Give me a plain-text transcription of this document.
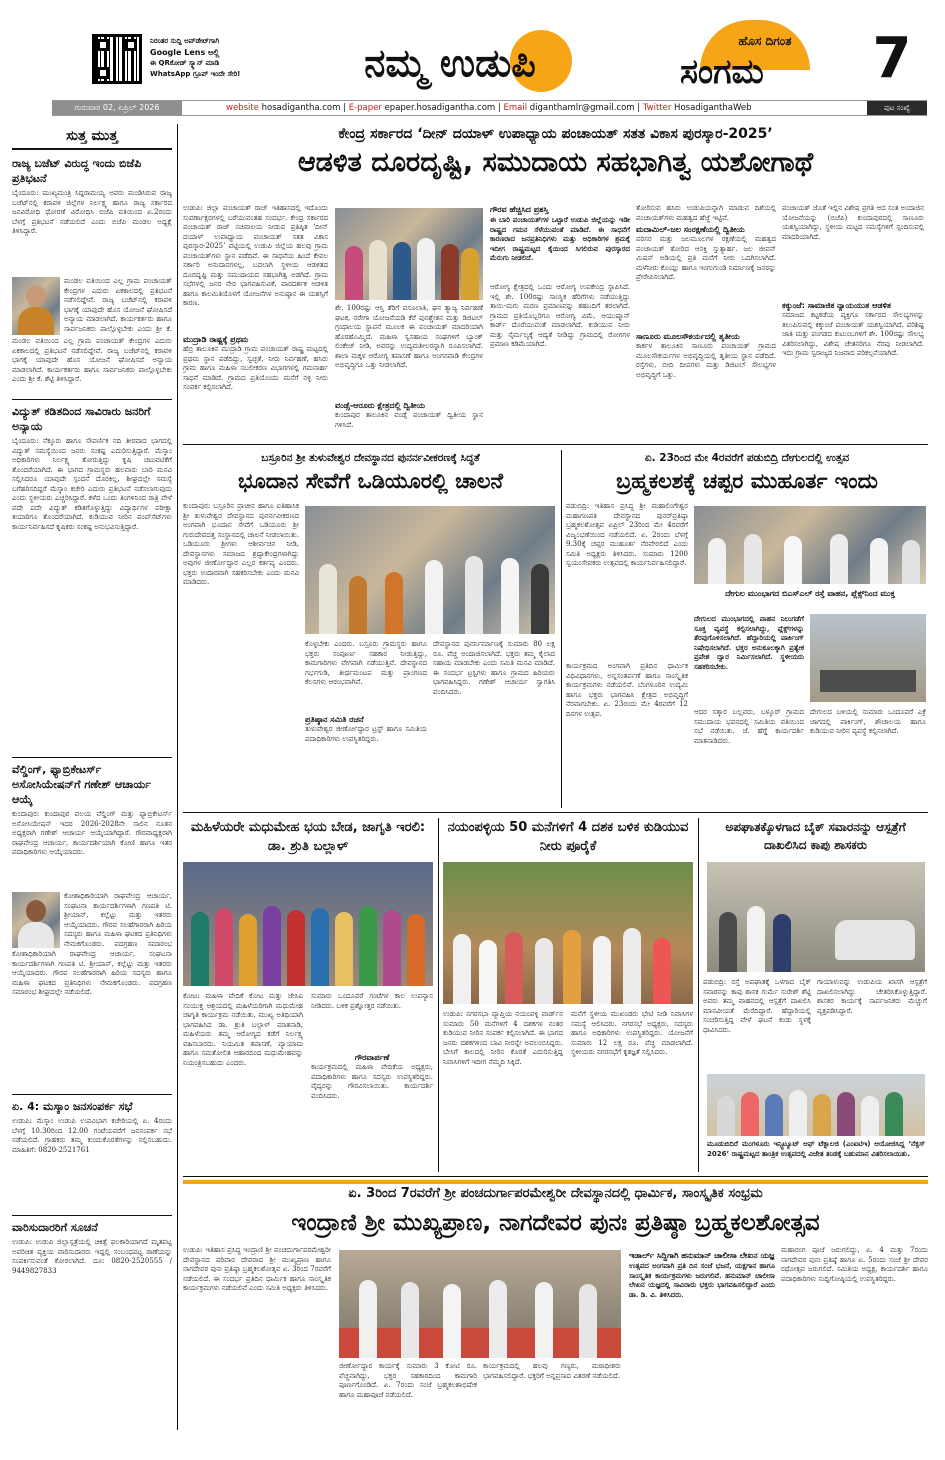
ನಿರಂತರ ಸುದ್ದಿ ಅಪ್‌ಡೇಟ್‌ಗಾಗಿ
Google Lens ಅಲ್ಲಿ
ಈ QRಕೋಡ್ ಸ್ಕ್ಯಾನ್ ಮಾಡಿ
WhatsApp ಗ್ರೂಪ್ ಇಂದೇ ಸೇರಿ!	ನಮ್ಮ ಉಡುಪಿ	ಹೊಸ ದಿಗಂತ
ಸಂಗಮ	7
ಗುರುವಾರ 02, ಏಪ್ರಿಲ್ 2026	website hosadigantha.com | E-paper epaper.hosadigantha.com | Email diganthamlr@gmail.com | Twitter HosadiganthaWeb	ಪುಟ ಸಂಖ್ಯೆ
ಸುತ್ತ ಮುತ್ತ
ರಾಜ್ಯ ಬಜೆಟ್ ವಿರುದ್ಧ ಇಂದು ಬಿಜೆಪಿ ಪ್ರತಿಭಟನೆ
ಬೈಂದೂರು: ಮುಖ್ಯಮಂತ್ರಿ ಸಿದ್ದರಾಮಯ್ಯ ಅವರು ಮಂಡಿಸಿರುವ ರಾಜ್ಯ ಬಜೆಟ್‌ನಲ್ಲಿ ಕರಾವಳಿ ಜಿಲ್ಲೆಗಳ ನಿರ್ಲಕ್ಷ್ಯ ಹಾಗೂ ರಾಜ್ಯ ಸರ್ಕಾರದ ಜನವಿರೋಧಿ ಧೋರಣೆ ವಿರೋಧಿಸಿ ಬಿಜೆಪಿ ವತಿಯಿಂದ ಏ.2ರಂದು ಬೆಳಗ್ಗೆ ಪ್ರತಿಭಟನೆ ನಡೆಯಲಿದೆ ಎಂದು ಬಿಜೆಪಿ ಮಂಡಲ ಅಧ್ಯಕ್ಷೆ ತಿಳಿಸಿದ್ದಾರೆ.
ಮಂಡಲ ವತಿಯಿಂದ ಎಲ್ಲ ಗ್ರಾಮ ಪಂಚಾಯತ್ ಕೇಂದ್ರಗಳ ಎದುರು ಏಕಕಾಲದಲ್ಲಿ ಪ್ರತಿಭಟನೆ ನಡೆಸಲಿದ್ದೇವೆ. ರಾಜ್ಯ ಬಜೆಟ್‌ನಲ್ಲಿ ಕರಾವಳಿ ಭಾಗಕ್ಕೆ ಯಾವುದೇ ಹೊಸ ಯೋಜನೆ ಘೋಷಿಸದೆ ಅನ್ಯಾಯ ಮಾಡಲಾಗಿದೆ. ಕಾರ್ಯಕರ್ತರು ಹಾಗೂ ಸಾರ್ವಜನಿಕರು ಪಾಲ್ಗೊಳ್ಳಬೇಕು ಎಂದು ಶ್ರೀ ಕೆ.
ಮಂಡಲ ವತಿಯಿಂದ ಎಲ್ಲ ಗ್ರಾಮ ಪಂಚಾಯತ್ ಕೇಂದ್ರಗಳ ಎದುರು ಏಕಕಾಲದಲ್ಲಿ ಪ್ರತಿಭಟನೆ ನಡೆಸಲಿದ್ದೇವೆ. ರಾಜ್ಯ ಬಜೆಟ್‌ನಲ್ಲಿ ಕರಾವಳಿ ಭಾಗಕ್ಕೆ ಯಾವುದೇ ಹೊಸ ಯೋಜನೆ ಘೋಷಿಸದೆ ಅನ್ಯಾಯ ಮಾಡಲಾಗಿದೆ. ಕಾರ್ಯಕರ್ತರು ಹಾಗೂ ಸಾರ್ವಜನಿಕರು ಪಾಲ್ಗೊಳ್ಳಬೇಕು ಎಂದು ಶ್ರೀ ಕೆ. ಶೆಟ್ಟಿ ತಿಳಿಸಿದ್ದಾರೆ.
ವಿದ್ಯುತ್ ಕಡಿತದಿಂದ ಸಾವಿರಾರು ಜನರಿಗೆ ಅನ್ಯಾಯ
ಬೈಂದೂರು: ನೆಕ್ಕೂರು ಹಾಗೂ ಸೌಪರ್ಣಿಕ ನದಿ ತೀರವಾದ ಭಾಗದಲ್ಲಿ ವಿದ್ಯುತ್ ಸಮಸ್ಯೆಯಿಂದ ಜನರು ಸಂಕಷ್ಟ ಎದುರಿಸುತ್ತಿದ್ದಾರೆ. ಮೆಸ್ಕಾಂ ಅಧಿಕಾರಿಗಳು ನಿರ್ಲಕ್ಷ್ಯ ತೋರುತ್ತಿದ್ದು ಕೃಷಿ ಚಟುವಟಿಕೆಗೆ ತೊಂದರೆಯಾಗಿದೆ. ಈ ಭಾಗದ ಗ್ರಾಮಸ್ಥರು ಹಲವಾರು ಬಾರಿ ಮನವಿ ಸಲ್ಲಿಸಿದರೂ ಯಾವುದೇ ಸ್ಪಂದನೆ ದೊರಕಿಲ್ಲ. ಶೀಘ್ರದಲ್ಲೇ ಸಮಸ್ಯೆ ಬಗೆಹರಿಸದಿದ್ದರೆ ಮೆಸ್ಕಾಂ ಕಚೇರಿ ಎದುರು ಪ್ರತಿಭಟನೆ ನಡೆಸಲಾಗುವುದು ಎಂದು ಸ್ಥಳೀಯರು ಎಚ್ಚರಿಸಿದ್ದಾರೆ. ಕಳೆದ ಒಂದು ತಿಂಗಳಿನಿಂದ ರಾತ್ರಿ ವೇಳೆ ಪದೇ ಪದೇ ವಿದ್ಯುತ್ ಕಡಿತಗೊಳ್ಳುತ್ತಿದ್ದು ವಿದ್ಯಾರ್ಥಿಗಳ ಪರೀಕ್ಷಾ ತಯಾರಿಗೂ ತೊಂದರೆಯಾಗಿದೆ. ಕುಡಿಯುವ ನೀರಿನ ಪಂಪ್‌ಸೆಟ್‌ಗಳು ಕಾರ್ಯನಿರ್ವಹಿಸದೆ ಕೃಷಿಕರು ಸಂಕಷ್ಟ ಅನುಭವಿಸುತ್ತಿದ್ದಾರೆ.
ವೆಲ್ಡಿಂಗ್, ಫ್ಯಾಬ್ರಿಕೇಟರ್ಸ್ ಅಸೋಸಿಯೇಷನ್‌ಗೆ ಗಣೇಶ್ ಆಚಾರ್ಯ ಆಯ್ಕೆ
ಕುಂದಾಪುರ: ಕುಂದಾಪುರ ವಲಯ ವೆಲ್ಡಿಂಗ್ ಮತ್ತು ಫ್ಯಾಬ್ರಿಕೇಟರ್ಸ್ ಅಸೋಸಿಯೇಷನ್ ಇದರ 2026-2028ನೇ ಸಾಲಿನ ನೂತನ ಅಧ್ಯಕ್ಷರಾಗಿ ಗಣೇಶ್ ಆಚಾರ್ಯ ಆಯ್ಕೆಯಾಗಿದ್ದಾರೆ. ಗೌರವಾಧ್ಯಕ್ಷರಾಗಿ ರಾಘವೇಂದ್ರ ಆಚಾರ್ಯ, ಕಾರ್ಯದರ್ಶಿಯಾಗಿ ಕೋಣಿ ಹಾಗೂ ಇತರ ಪದಾಧಿಕಾರಿಗಳು ಆಯ್ಕೆಯಾದರು.
ಕೋಶಾಧಿಕಾರಿಯಾಗಿ ರಾಘವೇಂದ್ರ ಆಚಾರ್ಯ, ಸಂಘಟನಾ ಕಾರ್ಯದರ್ಶಿಗಳಾಗಿ ಗಣಪತಿ ಟಿ. ಶ್ರೀಯಾನ್, ಕಲ್ಲೆಟ್ಟು ಮತ್ತು ಇತರರು ಆಯ್ಕೆಯಾದರು. ಗೌರವ ಸಲಹೆಗಾರರಾಗಿ ಹಿರಿಯ ಸದಸ್ಯರು ಹಾಗೂ ಮಹಿಳಾ ಘಟಕದ ಪ್ರತಿನಿಧಿಗಳು ನೇಮಕಗೊಂಡರು. ಪದಗ್ರಹಣ ಸಮಾರಂಭ
ಕೋಶಾಧಿಕಾರಿಯಾಗಿ ರಾಘವೇಂದ್ರ ಆಚಾರ್ಯ, ಸಂಘಟನಾ ಕಾರ್ಯದರ್ಶಿಗಳಾಗಿ ಗಣಪತಿ ಟಿ. ಶ್ರೀಯಾನ್, ಕಲ್ಲೆಟ್ಟು ಮತ್ತು ಇತರರು ಆಯ್ಕೆಯಾದರು. ಗೌರವ ಸಲಹೆಗಾರರಾಗಿ ಹಿರಿಯ ಸದಸ್ಯರು ಹಾಗೂ ಮಹಿಳಾ ಘಟಕದ ಪ್ರತಿನಿಧಿಗಳು ನೇಮಕಗೊಂಡರು. ಪದಗ್ರಹಣ ಸಮಾರಂಭ ಶೀಘ್ರದಲ್ಲೇ ನಡೆಯಲಿದೆ.
ಏ. 4: ಮಸ್ಕಾಂ ಜನಸಂಪರ್ಕ ಸಭೆ
ಉಡುಪಿ: ಮೆಸ್ಕಾಂ ಉಡುಪಿ ಉಪವಿಭಾಗ ಕಚೇರಿಯಲ್ಲಿ ಏ. 4ರಂದು ಬೆಳಗ್ಗೆ 10.30ರಿಂದ 12.00 ಗಂಟೆಯವರೆಗೆ ಜನಸಂಪರ್ಕ ಸಭೆ ನಡೆಯಲಿದೆ. ಗ್ರಾಹಕರು ತಮ್ಮ ಕುಂದುಕೊರತೆಗಳನ್ನು ಸಲ್ಲಿಸಬಹುದು. ಮಾಹಿತಿಗೆ: 0820-2521761
ವಾರಿಸುದಾರರಿಗೆ ಸೂಚನೆ
ಉಡುಪಿ: ಉಡುಪಿ ಜಿಲ್ಲಾಸ್ಪತ್ರೆಯಲ್ಲಿ ಚಿಕಿತ್ಸೆ ಫಲಕಾರಿಯಾಗದೆ ಮೃತಪಟ್ಟ ಅಪರಿಚಿತ ವ್ಯಕ್ತಿಯ ವಾರಿಸುದಾರರು ಇದ್ದಲ್ಲಿ ಸಂಬಂಧಪಟ್ಟ ಠಾಣೆಯನ್ನು ಸಂಪರ್ಕಿಸುವಂತೆ ಕೋರಲಾಗಿದೆ. ದೂ: 0820-2520555 / 9449827833
ಕೇಂದ್ರ ಸರ್ಕಾರದ ‘ದೀನ್ ದಯಾಳ್ ಉಪಾಧ್ಯಾಯ ಪಂಚಾಯತ್ ಸತತ ವಿಕಾಸ ಪುರಸ್ಕಾರ-2025’
ಆಡಳಿತ ದೂರದೃಷ್ಟಿ, ಸಮುದಾಯ ಸಹಭಾಗಿತ್ವ ಯಶೋಗಾಥೆ
ಉಡುಪಿ: ಜಿಲ್ಲಾ ಪಂಚಾಯತ್ ರಾಜ್ ಇತಿಹಾಸದಲ್ಲಿ ಇದೊಂದು ಸುವರ್ಣಾಕ್ಷರಗಳಲ್ಲಿ ಬರೆಯುವಂತಹ ಸಂದರ್ಭ. ಕೇಂದ್ರ ಸರ್ಕಾರದ ಪಂಚಾಯತ್ ರಾಜ್ ಸಚಿವಾಲಯ ನೀಡುವ ಪ್ರತಿಷ್ಠಿತ ‘ದೀನ್ ದಯಾಳ್ ಉಪಾಧ್ಯಾಯ ಪಂಚಾಯತ್ ಸತತ ವಿಕಾಸ ಪುರಸ್ಕಾರ-2025’ ಪಟ್ಟಿಯಲ್ಲಿ ಉಡುಪಿ ಜಿಲ್ಲೆಯ ಹಲವು ಗ್ರಾಮ ಪಂಚಾಯತ್‌ಗಳು ಸ್ಥಾನ ಪಡೆದಿವೆ. ಈ ಸಾಧನೆಯ ಹಿಂದೆ ಕೇವಲ ಸರ್ಕಾರಿ ಅನುದಾನಗಳಲ್ಲ, ಬದಲಾಗಿ ಸ್ಥಳೀಯ ಆಡಳಿತದ ದೂರದೃಷ್ಟಿ ಮತ್ತು ಸಮುದಾಯದ ಸಹಭಾಗಿತ್ವ ಅಡಗಿದೆ. ಗ್ರಾಮ ಸಭೆಗಳಲ್ಲಿ ಜನರ ನೇರ ಭಾಗವಹಿಸುವಿಕೆ, ಪಾರದರ್ಶಕ ಆಡಳಿತ ಹಾಗೂ ಕಾಲಮಿತಿಯೊಳಗೆ ಯೋಜನೆಗಳ ಅನುಷ್ಠಾನ ಈ ಯಶಸ್ಸಿಗೆ ಕಾರಣ.
ಮುದ್ರಾಡಿ ರಾಷ್ಟ್ರಕ್ಕೆ ಪ್ರಥಮ
ಹೆಬ್ರಿ ತಾಲೂಕಿನ ಮುದ್ರಾಡಿ ಗ್ರಾಮ ಪಂಚಾಯತ್ ರಾಷ್ಟ್ರ ಮಟ್ಟದಲ್ಲಿ ಪ್ರಥಮ ಸ್ಥಾನ ಪಡೆದಿದ್ದು, ಸ್ವಚ್ಛತೆ, ನೀರು ನಿರ್ವಹಣೆ, ಹಸಿರು ಗ್ರಾಮ ಹಾಗೂ ಮಹಿಳಾ ಸಬಲೀಕರಣ ವಿಭಾಗಗಳಲ್ಲಿ ಗಮನಾರ್ಹ ಸಾಧನೆ ಮಾಡಿದೆ. ಗ್ರಾಮದ ಪ್ರತಿಯೊಂದು ಮನೆಗೆ ನಳ್ಳಿ ನೀರು ಸಂಪರ್ಕ ಕಲ್ಪಿಸಲಾಗಿದೆ.
ಶೇ. 100ರಷ್ಟು ಆಸ್ತಿ ತೆರಿಗೆ ವಸೂಲಾತಿ, ಘನ ತ್ಯಾಜ್ಯ ನಿರ್ವಹಣೆ ಘಟಕ, ನರೇಗಾ ಯೋಜನೆಯಡಿ ಕೆರೆ ಪುನಶ್ಚೇತನ ಮತ್ತು ಡಿಜಿಟಲ್ ಗ್ರಂಥಾಲಯ ಸ್ಥಾಪನೆ ಮೂಲಕ ಈ ಪಂಚಾಯತ್ ಮಾದರಿಯಾಗಿ ಹೊರಹೊಮ್ಮಿದೆ. ಮಹಿಳಾ ಸ್ವಸಹಾಯ ಸಂಘಗಳಿಗೆ ಬ್ಯಾಂಕ್ ಲಿಂಕೇಜ್ ನೀಡಿ, ಅವರನ್ನು ಉದ್ಯಮಶೀಲರನ್ನಾಗಿ ರೂಪಿಸಲಾಗಿದೆ. ಶಾಲಾ ಮಕ್ಕಳ ಆರೋಗ್ಯ ತಪಾಸಣೆ ಹಾಗೂ ಅಂಗನವಾಡಿ ಕೇಂದ್ರಗಳ ಅಭಿವೃದ್ಧಿಗೂ ಒತ್ತು ನೀಡಲಾಗಿದೆ.
ವಂಡ್ಸೆ-ಆರೂರು ಕ್ಷೇತ್ರದಲ್ಲಿ ದ್ವಿತೀಯ
ಕುಂದಾಪುರ ತಾಲೂಕಿನ ವಂಡ್ಸೆ ಪಂಚಾಯತ್ ದ್ವಿತೀಯ ಸ್ಥಾನ ಗಳಿಸಿದೆ.
ಗೌರವ ಹೆಚ್ಚಿಸಿದ ಪ್ರಶಸ್ತಿ
ಈ ಬಾರಿ ಪಂಚಾಯತ್‌ಗಳ ಒಟ್ಟಾರೆ ಉಡುಪಿ ಜಿಲ್ಲೆಯನ್ನು ಇಡೀ ರಾಷ್ಟ್ರದ ಗಮನ ಸೆಳೆಯುವಂತೆ ಮಾಡಿದೆ. ಈ ಸಾಧನೆಗೆ ಕಾರಣರಾದ ಜನಪ್ರತಿನಿಧಿಗಳು ಮತ್ತು ಅಧಿಕಾರಿಗಳ ಶ್ರಮಕ್ಕೆ ಇದೀಗ ರಾಷ್ಟ್ರಮಟ್ಟದ ಕೈಯಿಂದ ಸಿಗಲಿರುವ ಪುರಸ್ಕಾರದ ಮೆರುಗು ನೀಡಲಿದೆ.
ಆರೋಗ್ಯ ಕ್ಷೇತ್ರದಲ್ಲಿ ಒಂದು ಆರೋಗ್ಯ ಉಪಕೇಂದ್ರ ಸ್ಥಾಪಿಸಿದೆ. ಇಲ್ಲಿ ಶೇ. 100ರಷ್ಟು ಸಾಂಸ್ಥಿಕ ಹೆರಿಗೆಗಳು ನಡೆಯುತ್ತಿದ್ದು ತಾಯಿ-ಮಗು ಮರಣ ಪ್ರಮಾಣವನ್ನು ತಹಬದಿಗೆ ತರಲಾಗಿದೆ. ಗ್ರಾಮದ ಪ್ರತಿಯೊಬ್ಬರಿಗೂ ಆರೋಗ್ಯ ವಿಮೆ, ಆಯುಷ್ಮಾನ್ ಕಾರ್ಡ್ ದೊರೆಯುವಂತೆ ಮಾಡಲಾಗಿದೆ. ಕುಡಿಯುವ ನೀರು ಮತ್ತು ನೈರ್ಮಲ್ಯಕ್ಕೆ ಆದ್ಯತೆ ನೀಡಿದ್ದು ಗ್ರಾಮದಲ್ಲಿ ರೋಗಗಳ ಪ್ರಮಾಣ ಕಡಿಮೆಯಾಗಿದೆ.
ತೋರಿಸುವ ಹಸಿರು ಉಡುಪಿಯನ್ನಾಗಿ ಮಾಡುವ ದಿಶೆಯಲ್ಲಿ ಪಂಚಾಯತ್‌ಗಳು ಮಹತ್ವದ ಹೆಜ್ಜೆ ಇಟ್ಟಿವೆ.
ಮದಾಮಿಲ್-ಜಲ ಸಂರಕ್ಷಣೆಯಲ್ಲಿ ದ್ವಿತೀಯ
ಪರಿಸರ ಮತ್ತು ಜಲಮೂಲಗಳ ರಕ್ಷಣೆಯಲ್ಲಿ ಮಹತ್ವದ ಪಂಚಾಯತ್ ತೋರಿದ ಆಸಕ್ತಿ ಸ್ತುತ್ಯಾರ್ಹ. ಜಲ ಜೀವನ್ ಮಿಷನ್ ಅಡಿಯಲ್ಲಿ ಪ್ರತಿ ಮನೆಗೆ ನೀರು ಒದಗಿಸಲಾಗಿದೆ. ಮಳೆನೀರು ಕೊಯ್ಲು ಹಾಗೂ ಇಂಗುಗುಂಡಿ ನಿರ್ಮಾಣಕ್ಕೆ ಜನರನ್ನು ಪ್ರೇರೇಪಿಸಲಾಗಿದೆ.
ಸಾಣೂರು ಮೂಲಸೌಕರ್ಯದಲ್ಲಿ ತೃತೀಯ
ಕಾರ್ಕಳ ತಾಲೂಕಿನ ಸಾಣೂರು ಪಂಚಾಯತ್ ಗ್ರಾಮದ ಮೂಲಸೌಕರ್ಯಗಳ ಅಭಿವೃದ್ಧಿಯಲ್ಲಿ ತೃತೀಯ ಸ್ಥಾನ ಪಡೆದಿದೆ. ರಸ್ತೆಗಳು, ಬೀದಿ ದೀಪಗಳು ಮತ್ತು ಡಿಜಿಟಲ್ ಸೌಲಭ್ಯಗಳ ಅಭಿವೃದ್ಧಿಗೆ ಒತ್ತು.
ಪಂಚಾಯತ್ ಜೊತೆ ಇಲ್ಲಿನ ವಿಶೇಷ ಪ್ರಗತಿ ಆದ ಸಂತ ಅಂದಾಜಿನ ಯೋಜನೆಯನ್ನು (ಬಿಜೆಪಿ) ಕುಂದಾಪುರದಲ್ಲಿ ಸಾಣೂರು ಯಶಸ್ವಿಯಾಗಿದ್ದು, ಸ್ಥಳೀಯ ಮಟ್ಟದ ಸಮಸ್ಯೆಗಳಿಗೆ ಸ್ಪಂದಿಸುವಲ್ಲಿ ಮಾದರಿಯಾಗಿದೆ.
ಕಕ್ಕುಂಜೆ: ಸಾಮಾಜಿಕ ನ್ಯಾಯಯುತ ಆಡಳಿತ
ಸಮಾಜದ ಕಟ್ಟಕಡೆಯ ವ್ಯಕ್ತಿಗೂ ಸರ್ಕಾರದ ಸೌಲಭ್ಯಗಳನ್ನು ತಲುಪಿಸುವಲ್ಲಿ ಕಕ್ಕುಂಜೆ ಪಂಚಾಯತ್ ಯಶಸ್ವಿಯಾಗಿದೆ. ಪರಿಶಿಷ್ಟ ಜಾತಿ ಮತ್ತು ಪಂಗಡದ ಕುಟುಂಬಗಳಿಗೆ ಶೇ. 100ರಷ್ಟು ಸೌಲಭ್ಯ ವಿತರಿಸಲಾಗಿದ್ದು, ವಿಶೇಷ ಚೇತನರಿಗೂ ನೆರವು ನೀಡಲಾಗಿದೆ. ಇದು ಗ್ರಾಮ ಸ್ವರಾಜ್ಯದ ನಿಜವಾದ ಪರಿಕಲ್ಪನೆಯಾಗಿದೆ.
ಬಸ್ರೂರಿನ ಶ್ರೀ ತುಳುವೇಶ್ವರ ದೇವಸ್ಥಾನದ ಪುನರ್ನವೀಕರಣಕ್ಕೆ ಸಿದ್ಧತೆ
ಭೂದಾನ ಸೇವೆಗೆ ಒಡಿಯೂರಲ್ಲಿ ಚಾಲನೆ
ಕುಂದಾಪುರ: ಬಸ್ರೂರಿನ ಪ್ರಾಚೀನ ಹಾಗೂ ಐತಿಹಾಸಿಕ ಶ್ರೀ ತುಳುವೇಶ್ವರ ದೇವಸ್ಥಾನದ ಪುನರ್ನವೀಕರಣದ ಅಂಗವಾಗಿ ಭೂದಾನ ಸೇವೆಗೆ ಒಡಿಯೂರು ಶ್ರೀ ಗುರುದೇವದತ್ತ ಸಂಸ್ಥಾನದಲ್ಲಿ ಚಾಲನೆ ನೀಡಲಾಯಿತು. ಒಡಿಯೂರು ಶ್ರೀಗಳು ಆಶೀರ್ವಚನ ನೀಡಿ, ದೇವಸ್ಥಾನಗಳು ಸಮಾಜದ ಶ್ರದ್ಧಾಕೇಂದ್ರಗಳಾಗಿದ್ದು ಅವುಗಳ ಜೀರ್ಣೋದ್ಧಾರ ಎಲ್ಲರ ಕರ್ತವ್ಯ ಎಂದರು. ಭಕ್ತರು ಉದಾರವಾಗಿ ಸಹಕರಿಸಬೇಕು ಎಂದು ಮನವಿ ಮಾಡಿದರು.
ಕೊಳ್ಳಬೇಕು ಎಂದರು. ಬಸ್ರೂರು ಗ್ರಾಮಸ್ಥರು ಹಾಗೂ ಭಕ್ತರು ಸಂಪೂರ್ಣ ಸಹಕಾರ ನೀಡುತ್ತಿದ್ದು, ಕಾಮಗಾರಿಗಳು ವೇಗವಾಗಿ ನಡೆಯುತ್ತಿವೆ. ದೇವಸ್ಥಾನದ ಗರ್ಭಗುಡಿ, ತೀರ್ಥಮಂಟಪ ಮತ್ತು ಪ್ರಾಂಗಣದ ಕೆಲಸಗಳು ಆರಂಭವಾಗಿವೆ.
ಪ್ರತಿಷ್ಠಾನ ಸಮಿತಿ ರಚನೆ
ತುಳುವೇಶ್ವರ ಜೀರ್ಣೋದ್ಧಾರ ಟ್ರಸ್ಟ್ ಹಾಗೂ ಸಮಿತಿಯ ಪದಾಧಿಕಾರಿಗಳು ಉಪಸ್ಥಿತರಿದ್ದರು.
ದೇವಸ್ಥಾನದ ಪುನರ್ನಿರ್ಮಾಣಕ್ಕೆ ಸುಮಾರು 80 ಲಕ್ಷ ರೂ. ವೆಚ್ಚ ಅಂದಾಜಿಸಲಾಗಿದೆ. ಭಕ್ತರು ತಮ್ಮ ಕೈಲಾದ ಸಹಾಯ ಮಾಡಬೇಕು ಎಂದು ಸಮಿತಿ ಮನವಿ ಮಾಡಿದೆ. ಈ ಸಂದರ್ಭ ಟ್ರಸ್ಟಿಗಳು ಹಾಗೂ ಗ್ರಾಮದ ಹಿರಿಯರು ಭಾಗವಹಿಸಿದ್ದರು. ಗಣೇಶ್ ಆಚಾರ್ಯ ಸ್ವಾಗತಿಸಿ ವಂದಿಸಿದರು.
ಏ. 23ರಿಂದ ಮೇ 4ರವರೆಗೆ ಪಡುಬಿದ್ರಿ ದೇಗುಲದಲ್ಲಿ ಉತ್ಸವ
ಬ್ರಹ್ಮಕಲಶಕ್ಕೆ ಚಪ್ಪರ ಮುಹೂರ್ತ ಇಂದು
ಪಡುಬಿದ್ರಿ: ಇತಿಹಾಸ ಪ್ರಸಿದ್ಧ ಶ್ರೀ ಮಹಾಲಿಂಗೇಶ್ವರ ಮಹಾಗಣಪತಿ ದೇವಸ್ಥಾನದ ಪುನರ್‌ಪ್ರತಿಷ್ಠಾ ಬ್ರಹ್ಮಕಲಶೋತ್ಸವ ಏಪ್ರಿಲ್ 23ರಿಂದ ಮೇ 4ರವರೆಗೆ ವಿಜೃಂಭಣೆಯಿಂದ ನಡೆಯಲಿದೆ. ಏ. 2ರಂದು ಬೆಳಗ್ಗೆ 9.30ಕ್ಕೆ ಚಪ್ಪರ ಮುಹೂರ್ತ ನೆರವೇರಲಿದೆ ಎಂದು ಸಮಿತಿ ಅಧ್ಯಕ್ಷರು ತಿಳಿಸಿದರು. ಸುಮಾರು 1200 ಸ್ವಯಂಸೇವಕರು ಉತ್ಸವದಲ್ಲಿ ಕಾರ್ಯನಿರ್ವಹಿಸಲಿದ್ದಾರೆ.
ಕಾರ್ಯಕ್ರಮದ ಅಂಗವಾಗಿ ಪ್ರತಿದಿನ ಧಾರ್ಮಿಕ ವಿಧಿವಿಧಾನಗಳು, ಅನ್ನಸಂತರ್ಪಣೆ ಹಾಗೂ ಸಾಂಸ್ಕೃತಿಕ ಕಾರ್ಯಕ್ರಮಗಳು ನಡೆಯಲಿವೆ. ಬೆಂಗಳೂರಿನ ಉದ್ಯಮಿ ಹಾಗೂ ಭಕ್ತರು ಭಾಗವಹಿಸಿ ಕ್ಷೇತ್ರದ ಅಭಿವೃದ್ಧಿಗೆ ನೆರವಾಗಬೇಕು. ಏ. 23ರಂದು ಮೇ 4ರವರೆಗೆ 12 ದಿನಗಳ ಉತ್ಸವ.
ದೇಗುಲ ಮುಂಭಾಗದ ಬಿಎಸ್‌ಎಲ್ ರಸ್ತೆ ವಾಹನ, ಪ್ಲೆಕ್ಸ್‌ನಿಂದ ಮುಕ್ತ
ದೇಗುಲದ ಮುಂಭಾಗದಲ್ಲಿ ವಾಹನ ನಿಲುಗಡೆಗೆ ಸೂಕ್ತ ವ್ಯವಸ್ಥೆ ಕಲ್ಪಿಸಲಾಗಿದ್ದು, ಪ್ಲೆಕ್ಸ್‌ಗಳನ್ನು ತೆರವುಗೊಳಿಸಲಾಗಿದೆ. ಹೆದ್ದಾರಿಯಲ್ಲಿ ಪಾರ್ಕಿಂಗ್ ನಿಷೇಧಿಸಲಾಗಿದೆ. ಭಕ್ತರ ಅನುಕೂಲಕ್ಕಾಗಿ ಪ್ರತ್ಯೇಕ ಪ್ರವೇಶ ದ್ವಾರ ನಿರ್ಮಿಸಲಾಗಿದೆ. ಸ್ಥಳೀಯರು ಸಹಕರಿಸಬೇಕು.
ಆದರ ಸತ್ಕಾರ ಬಲ್ಲವರು, ಬಳ್ಕೂರ್ ಗ್ರಾಮದ ಸಮುದಾಯ ಭವನದಲ್ಲಿ ಸಮಿತಿಯ ವತಿಯಿಂದ ಸಭೆ ನಡೆಯಿತು. ಜೆ. ಹೆಗ್ಡೆ ಕಾರ್ಯದರ್ಶಿ ಮಾತನಾಡಿದರು.
ದೇಗುಲದ ಬಳಿಯಲ್ಲಿ ಸುಮಾರು ಒಂದೂವರೆ ಎಕ್ರೆ ಜಾಗದಲ್ಲಿ ಪಾರ್ಕಿಂಗ್, ಶೌಚಾಲಯ ಹಾಗೂ ಕುಡಿಯುವ ನೀರಿನ ವ್ಯವಸ್ಥೆ ಕಲ್ಪಿಸಲಾಗಿದೆ.
ಮಹಿಳೆಯರೇ ಮಧುಮೇಹ ಭಯ ಬೇಡ, ಜಾಗೃತಿ ಇರಲಿ: ಡಾ. ಶ್ರುತಿ ಬಲ್ಲಾಳ್
ಕೋಟ: ಮಹಿಳಾ ವೇದಿಕೆ ಕೋಟ ಮತ್ತು ಜೇಸಿಐ ಸಂಯುಕ್ತ ಆಶ್ರಯದಲ್ಲಿ ಮಹಿಳೆಯರಿಗಾಗಿ ಮಧುಮೇಹ ಜಾಗೃತಿ ಕಾರ್ಯಕ್ರಮ ನಡೆಯಿತು. ಮುಖ್ಯ ಅತಿಥಿಯಾಗಿ ಭಾಗವಹಿಸಿದ ಡಾ. ಶ್ರುತಿ ಬಲ್ಲಾಳ್ ಮಾತನಾಡಿ, ಮಹಿಳೆಯರು ತಮ್ಮ ಆರೋಗ್ಯದ ಕಡೆಗೆ ನಿರ್ಲಕ್ಷ್ಯ ವಹಿಸಬಾರದು. ನಿಯಮಿತ ತಪಾಸಣೆ, ವ್ಯಾಯಾಮ ಹಾಗೂ ಸಮತೋಲಿತ ಆಹಾರದಿಂದ ಮಧುಮೇಹವನ್ನು ನಿಯಂತ್ರಿಸಬಹುದು ಎಂದರು.
ಸುಮಾರು ಒಂದೂವರೆ ಗಂಟೆಗಳ ಕಾಲ ಉಪನ್ಯಾಸ ನೀಡಿದರು. ಬಳಿಕ ಪ್ರಶ್ನೋತ್ತರ ನಡೆಯಿತು.
ಗೌರವಾರ್ಪಣೆ
ಕಾರ್ಯಕ್ರಮದಲ್ಲಿ ಮಹಿಳಾ ವೇದಿಕೆಯ ಅಧ್ಯಕ್ಷರು, ಪದಾಧಿಕಾರಿಗಳು ಹಾಗೂ ಸದಸ್ಯರು ಉಪಸ್ಥಿತರಿದ್ದರು. ವೈದ್ಯರನ್ನು ಗೌರವಿಸಲಾಯಿತು. ಕಾರ್ಯದರ್ಶಿ ವಂದಿಸಿದರು.
ನಯಂಪಳ್ಳಿಯ 50 ಮನೆಗಳಿಗೆ 4 ದಶಕ ಬಳಿಕ ಕುಡಿಯುವ ನೀರು ಪೂರೈಕೆ
ಉಡುಪಿ: ನಗರಸಭಾ ವ್ಯಾಪ್ತಿಯ ನಯಂಪಳ್ಳಿ ವಾರ್ಡ್‌ನ ಸುಮಾರು 50 ಮನೆಗಳಿಗೆ 4 ದಶಕಗಳ ನಂತರ ಕುಡಿಯುವ ನೀರಿನ ಸಂಪರ್ಕ ಕಲ್ಪಿಸಲಾಗಿದೆ. ಈ ಭಾಗದ ಜನರು ದಶಕಗಳಿಂದ ಬಾವಿ ನೀರನ್ನೇ ಅವಲಂಬಿಸಿದ್ದರು. ಬೇಸಿಗೆ ಕಾಲದಲ್ಲಿ ನೀರಿನ ಕೊರತೆ ಎದುರಿಸುತ್ತಿದ್ದ ನಿವಾಸಿಗಳಿಗೆ ಇದೀಗ ನೆಮ್ಮದಿ ಸಿಕ್ಕಿದೆ.
ಮನೆಗೆ ಸ್ಥಳೀಯ ಮುಖಂಡರು ಭೇಟಿ ನೀಡಿ ನಿವಾಸಿಗಳ ಸಮಸ್ಯೆ ಆಲಿಸಿದರು. ನಗರಸಭೆ ಅಧ್ಯಕ್ಷರು, ಸದಸ್ಯರು ಹಾಗೂ ಅಧಿಕಾರಿಗಳು ಉಪಸ್ಥಿತರಿದ್ದರು. ಯೋಜನೆಗೆ ಸುಮಾರು 12 ಲಕ್ಷ ರೂ. ವೆಚ್ಚ ಮಾಡಲಾಗಿದೆ. ಸ್ಥಳೀಯರು ನಗರಸಭೆಗೆ ಕೃತಜ್ಞತೆ ಸಲ್ಲಿಸಿದರು.
ಅಪಘಾತಕ್ಕೊಳಗಾದ ಬೈಕ್ ಸವಾರನನ್ನು ಆಸ್ಪತ್ರೆಗೆ ದಾಖಲಿಸಿದ ಕಾಪು ಶಾಸಕರು
ಪಡುಬಿದ್ರಿ: ರಸ್ತೆ ಅಪಘಾತಕ್ಕೆ ಒಳಗಾದ ಬೈಕ್ ಸವಾರನನ್ನು ಕಾಪು ಶಾಸಕ ಗುರ್ಮೆ ಸುರೇಶ್ ಶೆಟ್ಟಿ ಅವರು ತಮ್ಮ ವಾಹನದಲ್ಲಿ ಆಸ್ಪತ್ರೆಗೆ ದಾಖಲಿಸಿ ಮಾನವೀಯತೆ ಮೆರೆದಿದ್ದಾರೆ. ಹೆದ್ದಾರಿಯಲ್ಲಿ ಸಂಚರಿಸುತ್ತಿದ್ದ ವೇಳೆ ಘಟನೆ ಕಂಡು ಸ್ಥಳಕ್ಕೆ ಧಾವಿಸಿದರು.
ಗಾಯಾಳುವನ್ನು ಉಡುಪಿಯ ಖಾಸಗಿ ಆಸ್ಪತ್ರೆಗೆ ದಾಖಲಿಸಲಾಗಿದ್ದು ಚೇತರಿಸಿಕೊಳ್ಳುತ್ತಿದ್ದಾರೆ. ಶಾಸಕರ ಕಾರ್ಯಕ್ಕೆ ಸಾರ್ವಜನಿಕರು ಮೆಚ್ಚುಗೆ ವ್ಯಕ್ತಪಡಿಸಿದ್ದಾರೆ.
ಮೂಡುಬಿದಿರೆ ಮಂಗಳೂರು ಇನ್ಸ್ಟಿಟ್ಯೂಟ್ ಆಫ್ ಟೆಕ್ನಾಲಜಿ (ಎಂಐಟಿಇ) ಆಯೋಜಿಸಿದ್ದ ‘ನೆಕ್ಸಸ್ 2026’ ರಾಷ್ಟ್ರಮಟ್ಟದ ತಾಂತ್ರಿಕ ಉತ್ಸವದಲ್ಲಿ ವಿಜೇತ ತಂಡಕ್ಕೆ ಬಹುಮಾನ ವಿತರಿಸಲಾಯಿತು.
ಏ. 3ರಿಂದ 7ರವರೆಗೆ ಶ್ರೀ ಪಂಚದುರ್ಗಾಪರಮೇಶ್ವರೀ ದೇವಸ್ಥಾನದಲ್ಲಿ ಧಾರ್ಮಿಕ, ಸಾಂಸ್ಕೃತಿಕ ಸಂಭ್ರಮ
ಇಂದ್ರಾಣಿ ಶ್ರೀ ಮುಖ್ಯಪ್ರಾಣ, ನಾಗದೇವರ ಪುನಃ ಪ್ರತಿಷ್ಠಾ ಬ್ರಹ್ಮಕಲಶೋತ್ಸವ
ಉಡುಪಿ: ಇತಿಹಾಸ ಪ್ರಸಿದ್ಧ ಇಂದ್ರಾಣಿ ಶ್ರೀ ಪಂಚದುರ್ಗಾಪರಮೇಶ್ವರೀ ದೇವಸ್ಥಾನದ ಪರಿವಾರ ದೇವರಾದ ಶ್ರೀ ಮುಖ್ಯಪ್ರಾಣ ಹಾಗೂ ನಾಗದೇವರ ಪುನಃ ಪ್ರತಿಷ್ಠಾ ಬ್ರಹ್ಮಕಲಶೋತ್ಸವ ಏ. 3ರಿಂದ 7ರವರೆಗೆ ನಡೆಯಲಿದೆ. ಈ ಸಂದರ್ಭ ಪ್ರತಿದಿನ ಧಾರ್ಮಿಕ ಹಾಗೂ ಸಾಂಸ್ಕೃತಿಕ ಕಾರ್ಯಕ್ರಮಗಳು ನಡೆಯಲಿವೆ ಎಂದು ಸಮಿತಿ ಅಧ್ಯಕ್ಷರು ತಿಳಿಸಿದರು.
ಜೀರ್ಣೋದ್ಧಾರ ಕಾರ್ಯಕ್ಕೆ ಸುಮಾರು 3 ಕೋಟಿ ರೂ. ವೆಚ್ಚವಾಗಿದ್ದು, ಭಕ್ತರ ಸಹಕಾರದಿಂದ ಕಾಮಗಾರಿ ಪೂರ್ಣಗೊಂಡಿದೆ. ಏ. 7ರಂದು ಸಂಜೆ ಬ್ರಹ್ಮಕಲಶಾಭಿಷೇಕ ಹಾಗೂ ಮಹಾಪೂಜೆ ನಡೆಯಲಿದೆ.
ಕಾರ್ಯಕ್ರಮದಲ್ಲಿ ಹಲವು ಗಣ್ಯರು, ಮಠಾಧೀಶರು ಭಾಗವಹಿಸಲಿದ್ದಾರೆ. ಭಕ್ತರಿಗೆ ಅನ್ನಪ್ರಸಾದ ವಿತರಣೆ ನಡೆಯಲಿದೆ.
ಇಡಾರ್ಲ್ ಸಿದ್ದಿಗಾಗಿ ಹನುಮಾನ್ ಚಾಲೀಸಾ ಲೇಖನ ಯಜ್ಞ
ಉತ್ಸವದ ಅಂಗವಾಗಿ ಪ್ರತಿ ದಿನ ಸಂಜೆ ಭಜನೆ, ಯಕ್ಷಗಾನ ಹಾಗೂ ಸಾಂಸ್ಕೃತಿಕ ಕಾರ್ಯಕ್ರಮಗಳು ಜರುಗಲಿವೆ. ಹನುಮಾನ್ ಚಾಲೀಸಾ ಲೇಖನ ಯಜ್ಞದಲ್ಲಿ ಸಾವಿರಾರು ಭಕ್ತರು ಭಾಗವಹಿಸಲಿದ್ದಾರೆ ಎಂದು ಡಾ. ಡಿ. ವಿ. ತಿಳಿಸಿದರು.
ಮಹಾರಂಗ ಪೂಜೆ ಜರುಗಲಿದ್ದು, ಏ. 4 ಮತ್ತು 7ರಂದು ನಾಗದೇವರ ಪುನಃ ಪ್ರತಿಷ್ಠೆ ಹಾಗೂ ಏ. 5ರಂದು ಸಂಜೆ ಶ್ರೀ ದೇವರ ರಥೋತ್ಸವ ಜರುಗಲಿದೆ. ಸಮಿತಿಯ ಅಧ್ಯಕ್ಷ, ಕಾರ್ಯದರ್ಶಿ ಹಾಗೂ ಪದಾಧಿಕಾರಿಗಳು ಸುದ್ದಿಗೋಷ್ಠಿಯಲ್ಲಿ ಉಪಸ್ಥಿತರಿದ್ದರು.
